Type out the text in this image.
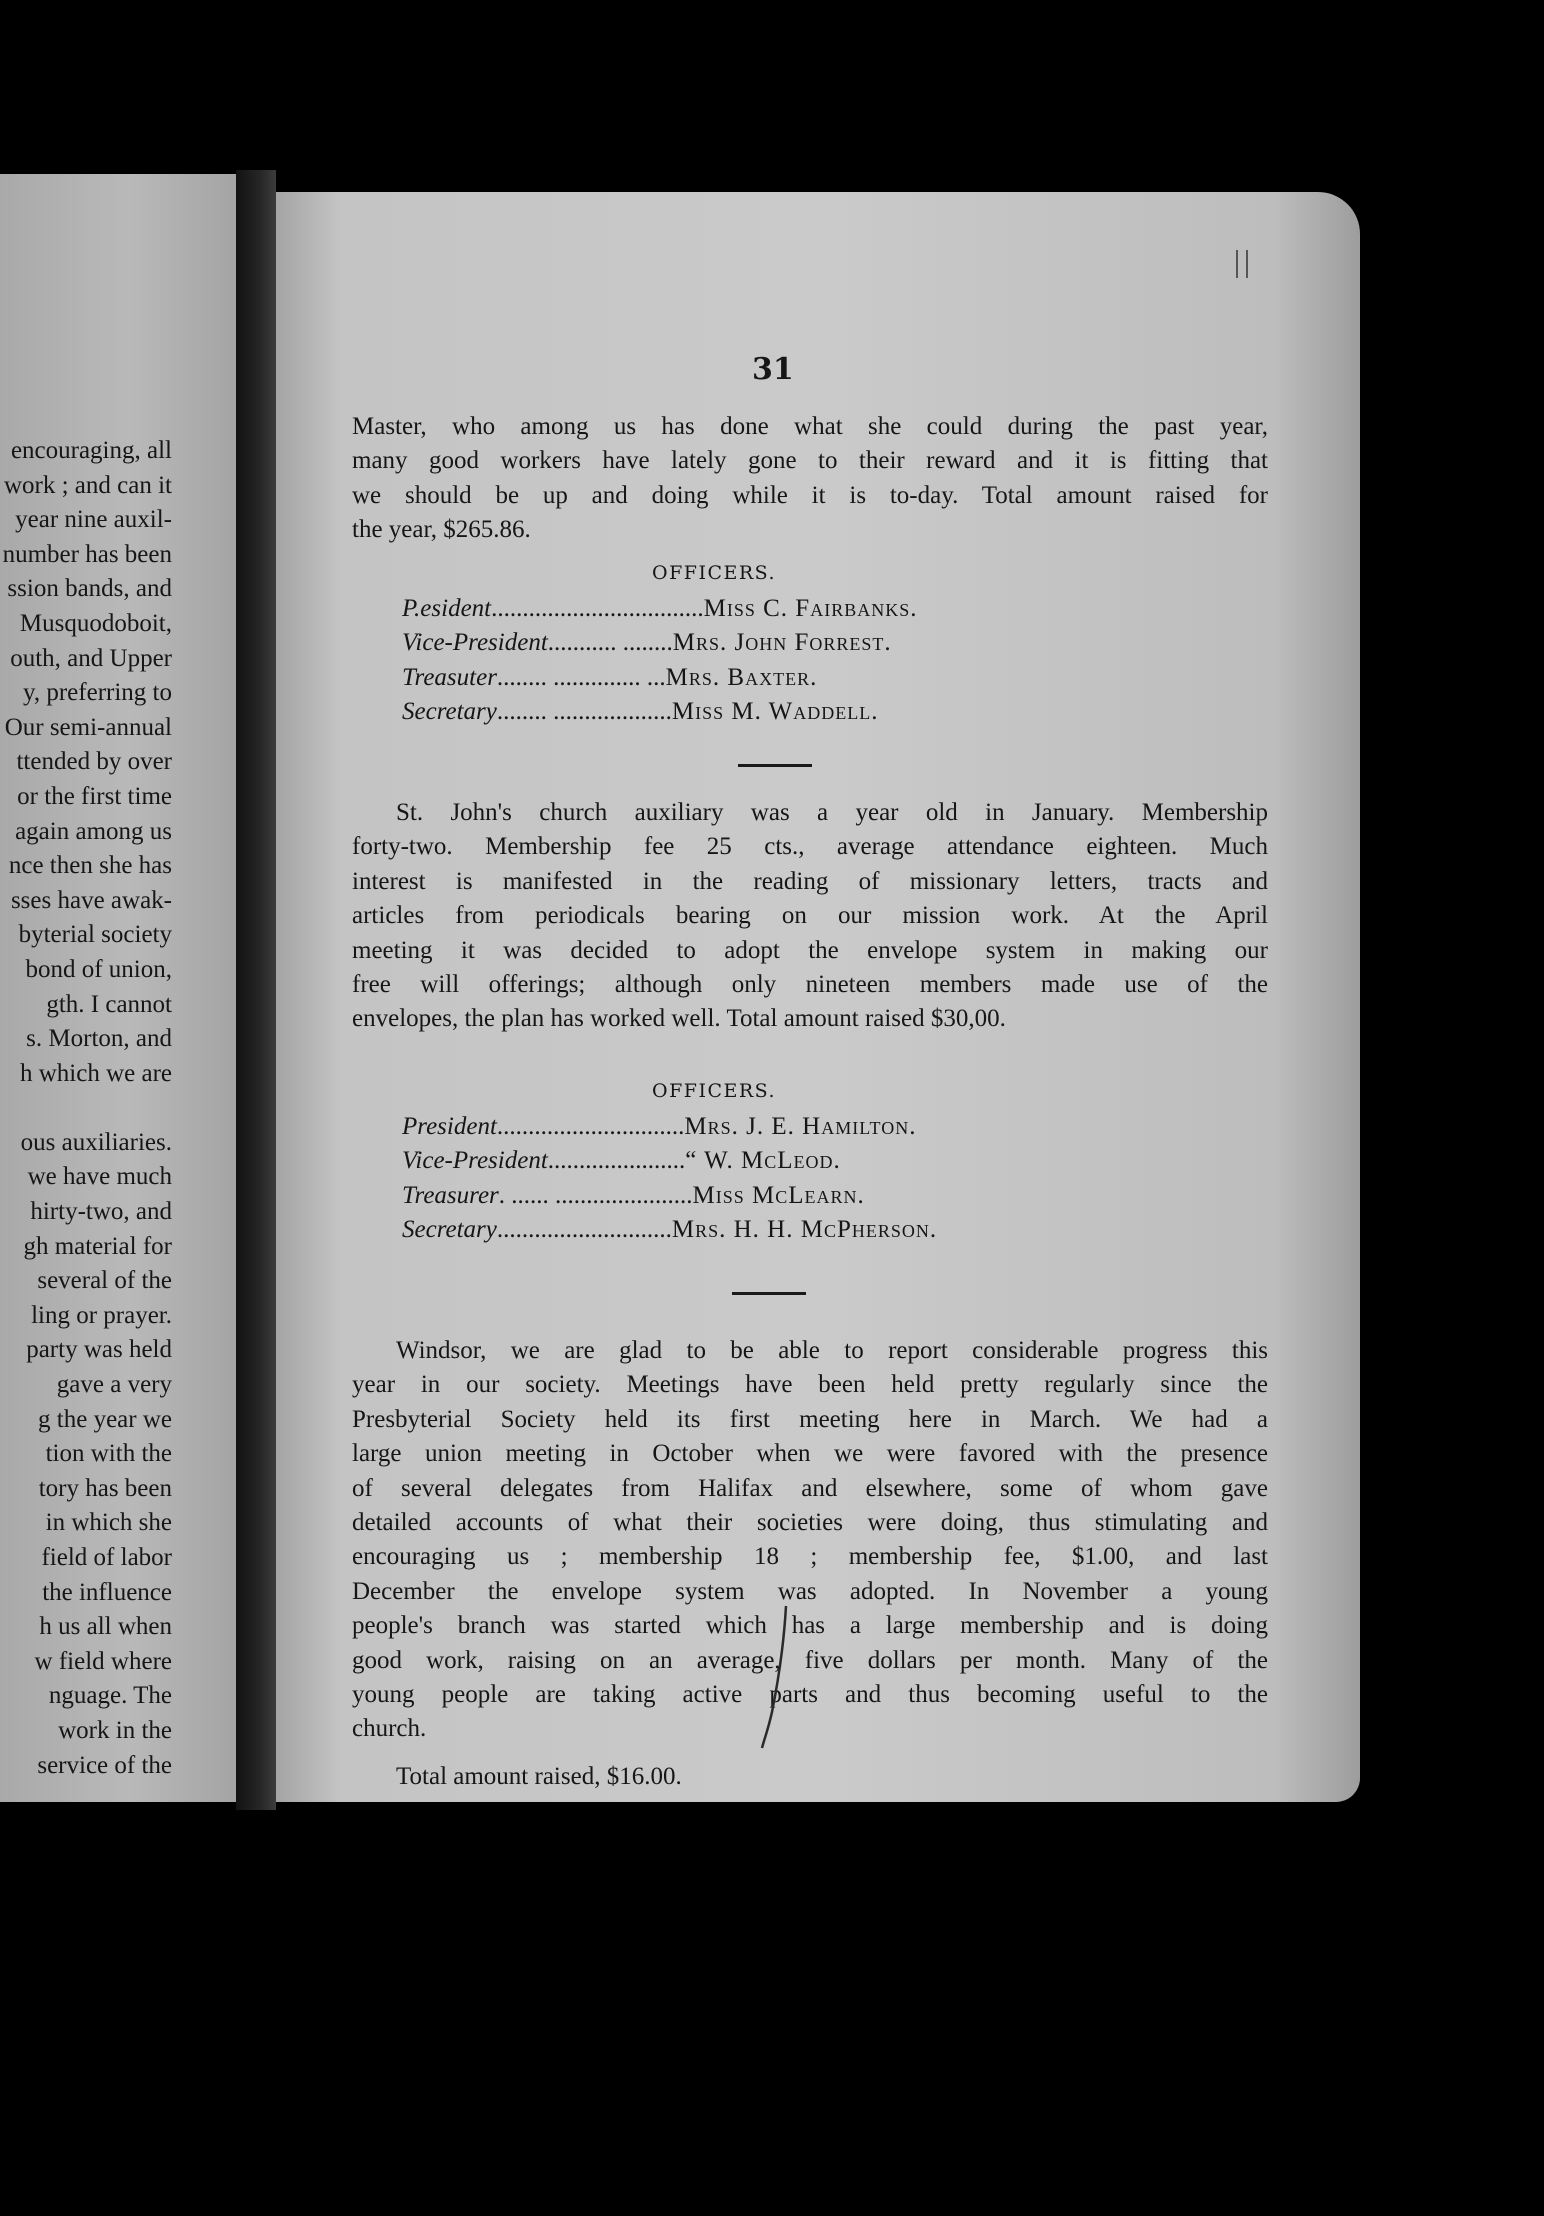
encouraging, all
work ; and can it
year nine auxil-
number has been
ssion bands, and
Musquodoboit,
outh, and Upper
y, preferring to
Our semi-annual
ttended by over
or the first time
again among us
nce then she has
sses have awak-
byterial society
bond of union,
gth. I cannot
s. Morton, and
h which we are
ous auxiliaries.
we have much
hirty-two, and
gh material for
several of the
ling or prayer.
party was held
gave a very
g the year we
tion with the
tory has been
in which she
field of labor
the influence
h us all when
w field where
nguage. The
work in the
service of the
31
Master, who among us has done what she could during the past year,
many good workers have lately gone to their reward and it is fitting that
we should be up and doing while it is to-day. Total amount raised for
the year, $265.86.
OFFICERS.
P.esident .................................. Miss C. Fairbanks.
Vice-President ........... ........ Mrs. John Forrest.
Treasuter ........ .............. ... Mrs. Baxter.
Secretary ........ ................... Miss M. Waddell.
St. John's church auxiliary was a year old in January. Membership
forty-two. Membership fee 25 cts., average attendance eighteen. Much
interest is manifested in the reading of missionary letters, tracts and
articles from periodicals bearing on our mission work. At the April
meeting it was decided to adopt the envelope system in making our
free will offerings; although only nineteen members made use of the
envelopes, the plan has worked well. Total amount raised $30,00.
OFFICERS.
President .............................. Mrs. J. E. Hamilton.
Vice-President ...................... “ W. McLeod.
Treasurer . ...... ...................... Miss McLearn.
Secretary ............................ Mrs. H. H. McPherson.
Windsor, we are glad to be able to report considerable progress this
year in our society. Meetings have been held pretty regularly since the
Presbyterial Society held its first meeting here in March. We had a
large union meeting in October when we were favored with the presence
of several delegates from Halifax and elsewhere, some of whom gave
detailed accounts of what their societies were doing, thus stimulating and
encouraging us ; membership 18 ; membership fee, $1.00, and last
December the envelope system was adopted. In November a young
people's branch was started which has a large membership and is doing
good work, raising on an average, five dollars per month. Many of the
young people are taking active parts and thus becoming useful to the
church.
Total amount raised, $16.00.
